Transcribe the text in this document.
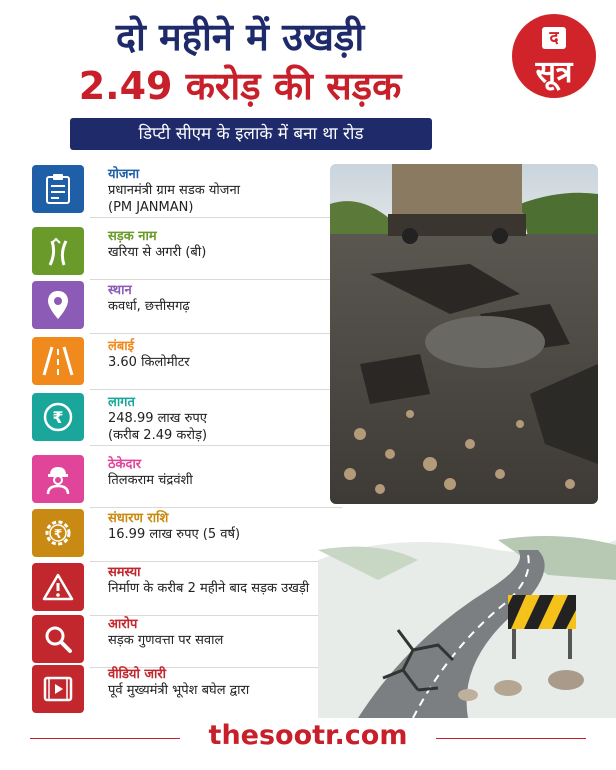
दो महीने में उखड़ी
2.49 करोड़ की सड़क
डिप्टी सीएम के इलाके में बना था रोड
द
सूत्र
योजना
प्रधानमंत्री ग्राम सडक योजना
(PM JANMAN)
सड़क नाम
खरिया से अगरी (बी)
स्थान
कवर्धा, छत्तीसगढ़
लंबाई
3.60 किलोमीटर
₹
लागत
248.99 लाख रुपए
(करीब 2.49 करोड़)
ठेकेदार
तिलकराम चंद्रवंशी
₹
संधारण राशि
16.99 लाख रुपए (5 वर्ष)
समस्या
निर्माण के करीब 2 महीने बाद सड़क उखड़ी
आरोप
सड़क गुणवत्ता पर सवाल
वीडियो जारी
पूर्व मुख्यमंत्री भूपेश बघेल द्वारा
thesootr.com
